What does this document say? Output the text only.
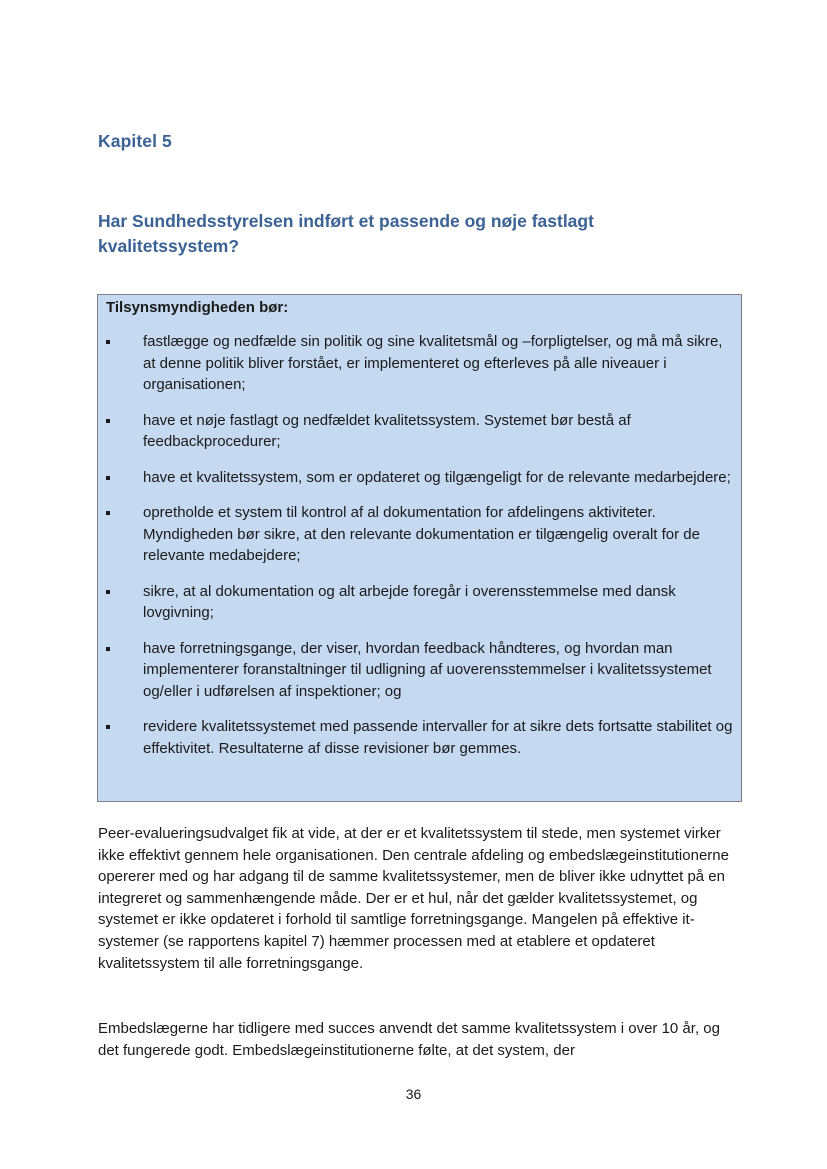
Kapitel 5
Har Sundhedsstyrelsen indført et passende og nøje fastlagt kvalitetssystem?
Tilsynsmyndigheden bør:
fastlægge og nedfælde sin politik og sine kvalitetsmål og –forpligtelser, og må må sikre, at denne politik bliver forstået, er implementeret og efterleves på alle niveauer i organisationen;
have et nøje fastlagt og nedfældet kvalitetssystem. Systemet bør bestå af feedbackprocedurer;
have et kvalitetssystem, som er opdateret og tilgængeligt for de relevante medarbejdere;
opretholde et system til kontrol af al dokumentation for afdelingens aktiviteter. Myndigheden bør sikre, at den relevante dokumentation er tilgængelig overalt for de relevante medabejdere;
sikre, at al dokumentation og alt arbejde foregår i overensstemmelse med dansk lovgivning;
have forretningsgange, der viser, hvordan feedback håndteres, og hvordan man implementerer foranstaltninger til udligning af uoverensstemmelser i kvalitetssystemet og/eller i udførelsen af inspektioner; og
revidere kvalitetssystemet med passende intervaller for at sikre dets fortsatte stabilitet og effektivitet. Resultaterne af disse revisioner bør gemmes.

Peer-evalueringsudvalget fik at vide, at der er et kvalitetssystem til stede, men systemet virker ikke effektivt gennem hele organisationen. Den centrale afdeling og embedslægeinstitutionerne opererer med og har adgang til de samme kvalitetssystemer, men de bliver ikke udnyttet på en integreret og sammenhængende måde. Der er et hul, når det gælder kvalitetssystemet, og systemet er ikke opdateret i forhold til samtlige forretningsgange. Mangelen på effektive it-systemer (se rapportens kapitel 7) hæmmer processen med at etablere et opdateret kvalitetssystem til alle forretningsgange.

Embedslægerne har tidligere med succes anvendt det samme kvalitetssystem i over 10 år, og det fungerede godt. Embedslægeinstitutionerne følte, at det system, der

36
